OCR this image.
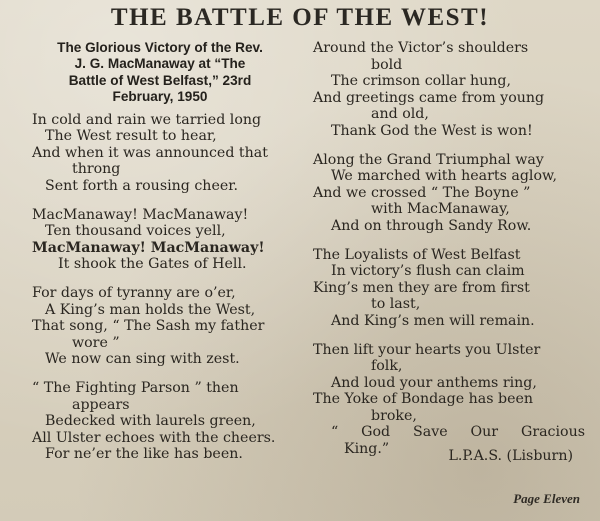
THE BATTLE OF THE WEST!
The Glorious Victory of the Rev.
J. G. MacManaway at “The
Battle of West Belfast,” 23rd
February, 1950
In cold and rain we tarried long
The West result to hear,
And when it was announced that
throng
Sent forth a rousing cheer.
MacManaway! MacManaway!
Ten thousand voices yell,
MacManaway! MacManaway!
It shook the Gates of Hell.
For days of tyranny are o’er,
A King’s man holds the West,
That song, “ The Sash my father
wore ”
We now can sing with zest.
“ The Fighting Parson ” then
appears
Bedecked with laurels green,
All Ulster echoes with the cheers.
For ne’er the like has been.
Around the Victor’s shoulders
bold
The crimson collar hung,
And greetings came from young
and old,
Thank God the West is won!
Along the Grand Triumphal way
We marched with hearts aglow,
And we crossed “ The Boyne ”
with MacManaway,
And on through Sandy Row.
The Loyalists of West Belfast
In victory’s flush can claim
King’s men they are from first
to last,
And King’s men will remain.
Then lift your hearts you Ulster
folk,
And loud your anthems ring,
The Yoke of Bondage has been
broke,
“ God Save Our Gracious
King.”	L.P.A.S. (Lisburn)
Page Eleven
